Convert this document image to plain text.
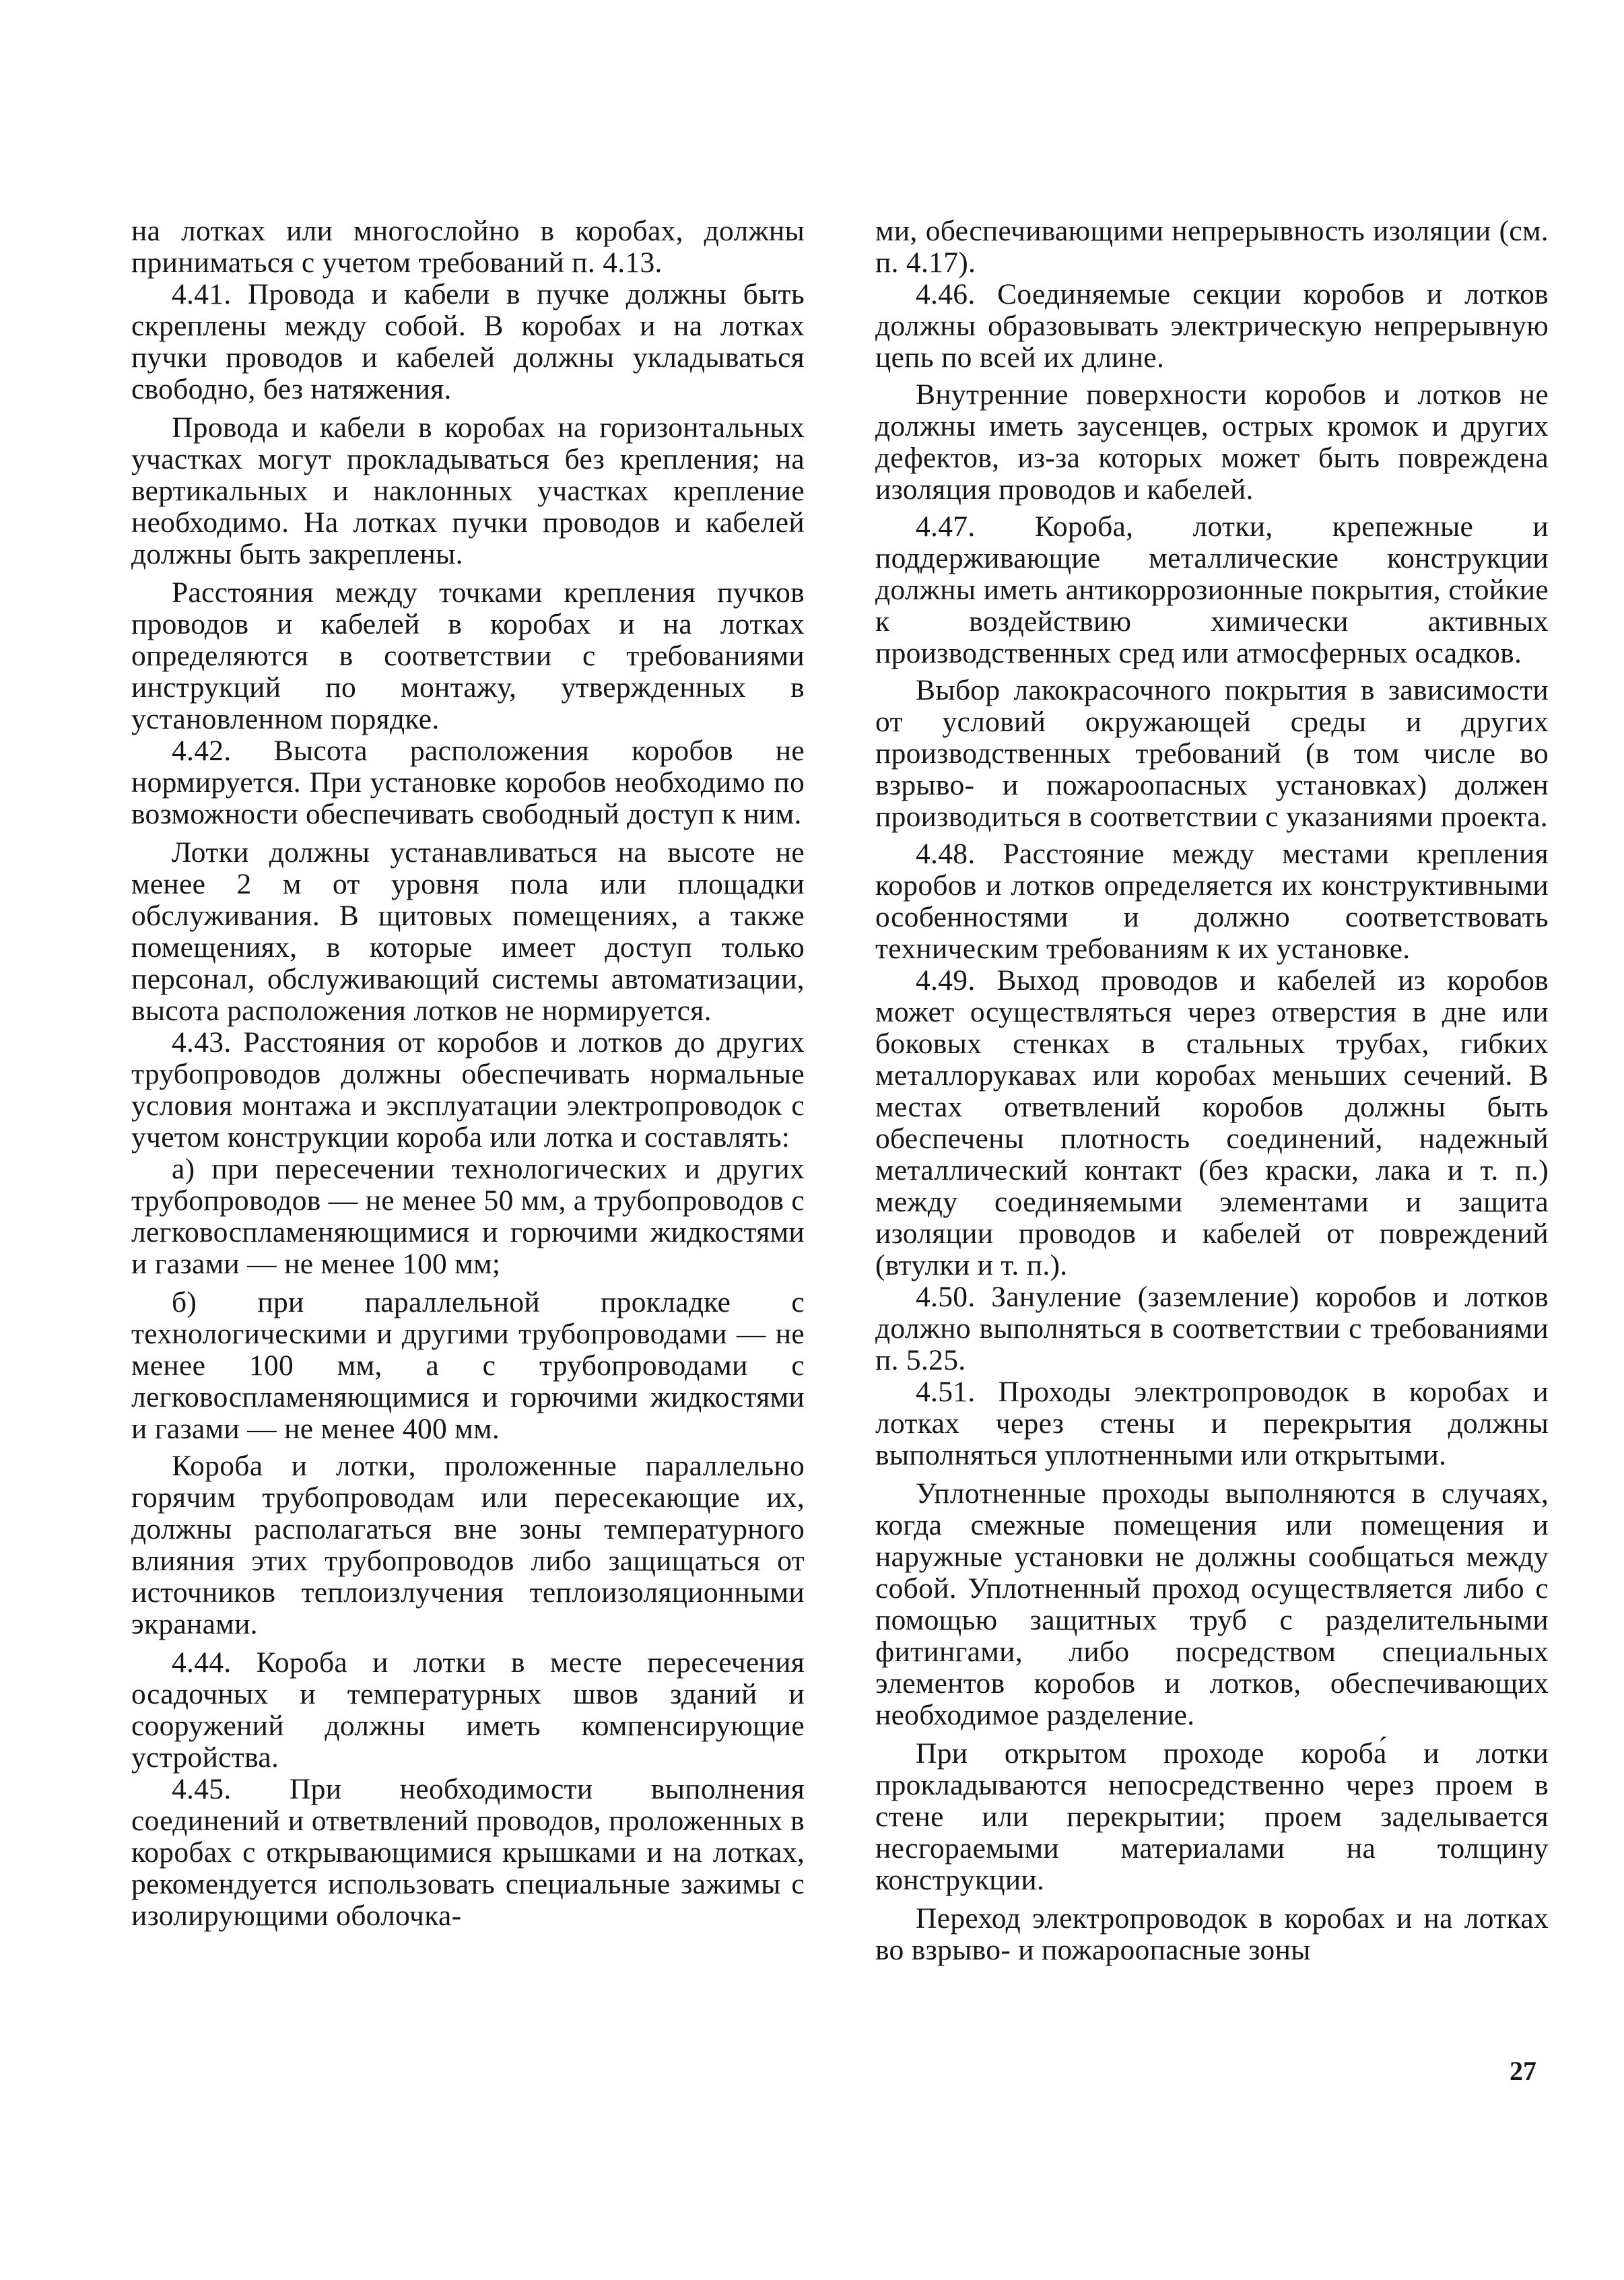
на лотках или многослойно в коробах, должны приниматься с учетом требований п. 4.13.

4.41. Провода и кабели в пучке должны быть скреплены между собой. В коробах и на лотках пучки проводов и кабелей должны укладываться свободно, без натяжения.

Провода и кабели в коробах на горизонтальных участках могут прокладываться без крепления; на вертикальных и наклонных участках крепление необходимо. На лотках пучки проводов и кабелей должны быть закреплены.

Расстояния между точками крепления пучков проводов и кабелей в коробах и на лотках определяются в соответствии с требованиями инструкций по монтажу, утвержденных в установленном порядке.

4.42. Высота расположения коробов не нормируется. При установке коробов необходимо по возможности обеспечивать свободный доступ к ним.

Лотки должны устанавливаться на высоте не менее 2 м от уровня пола или площадки обслуживания. В щитовых помещениях, а также помещениях, в которые имеет доступ только персонал, обслуживающий системы автоматизации, высота расположения лотков не нормируется.

4.43. Расстояния от коробов и лотков до других трубопроводов должны обеспечивать нормальные условия монтажа и эксплуатации электропроводок с учетом конструкции короба или лотка и составлять:

а) при пересечении технологических и других трубопроводов — не менее 50 мм, а трубопроводов с легковоспламеняющимися и горючими жидкостями и газами — не менее 100 мм;

б) при параллельной прокладке с технологическими и другими трубопроводами — не менее 100 мм, а с трубопроводами с легковоспламеняющимися и горючими жидкостями и газами — не менее 400 мм.

Короба и лотки, проложенные параллельно горячим трубопроводам или пересекающие их, должны располагаться вне зоны температурного влияния этих трубопроводов либо защищаться от источников теплоизлучения теплоизоляционными экранами.

4.44. Короба и лотки в месте пересечения осадочных и температурных швов зданий и сооружений должны иметь компенсирующие устройства.

4.45. При необходимости выполнения соединений и ответвлений проводов, проложенных в коробах с открывающимися крышками и на лотках, рекомендуется использовать специальные зажимы с изолирующими оболочка-

ми, обеспечивающими непрерывность изоляции (см. п. 4.17).

4.46. Соединяемые секции коробов и лотков должны образовывать электрическую непрерывную цепь по всей их длине.

Внутренние поверхности коробов и лотков не должны иметь заусенцев, острых кромок и других дефектов, из-за которых может быть повреждена изоляция проводов и кабелей.

4.47. Короба, лотки, крепежные и поддерживающие металлические конструкции должны иметь антикоррозионные покрытия, стойкие к воздействию химически активных производственных сред или атмосферных осадков.

Выбор лакокрасочного покрытия в зависимости от условий окружающей среды и других производственных требований (в том числе во взрыво- и пожароопасных установках) должен производиться в соответствии с указаниями проекта.

4.48. Расстояние между местами крепления коробов и лотков определяется их конструктивными особенностями и должно соответствовать техническим требованиям к их установке.

4.49. Выход проводов и кабелей из коробов может осуществляться через отверстия в дне или боковых стенках в стальных трубах, гибких металлорукавах или коробах меньших сечений. В местах ответвлений коробов должны быть обеспечены плотность соединений, надежный металлический контакт (без краски, лака и т. п.) между соединяемыми элементами и защита изоляции проводов и кабелей от повреждений (втулки и т. п.).

4.50. Зануление (заземление) коробов и лотков должно выполняться в соответствии с требованиями п. 5.25.

4.51. Проходы электропроводок в коробах и лотках через стены и перекрытия должны выполняться уплотненными или открытыми.

Уплотненные проходы выполняются в случаях, когда смежные помещения или помещения и наружные установки не должны сообщаться между собой. Уплотненный проход осуществляется либо с помощью защитных труб с разделительными фитингами, либо посредством специальных элементов коробов и лотков, обеспечивающих необходимое разделение.

При открытом проходе короба́ и лотки прокладываются непосредственно через проем в стене или перекрытии; проем заделывается несгораемыми материалами на толщину конструкции.

Переход электропроводок в коробах и на лотках во взрыво- и пожароопасные зоны

27
